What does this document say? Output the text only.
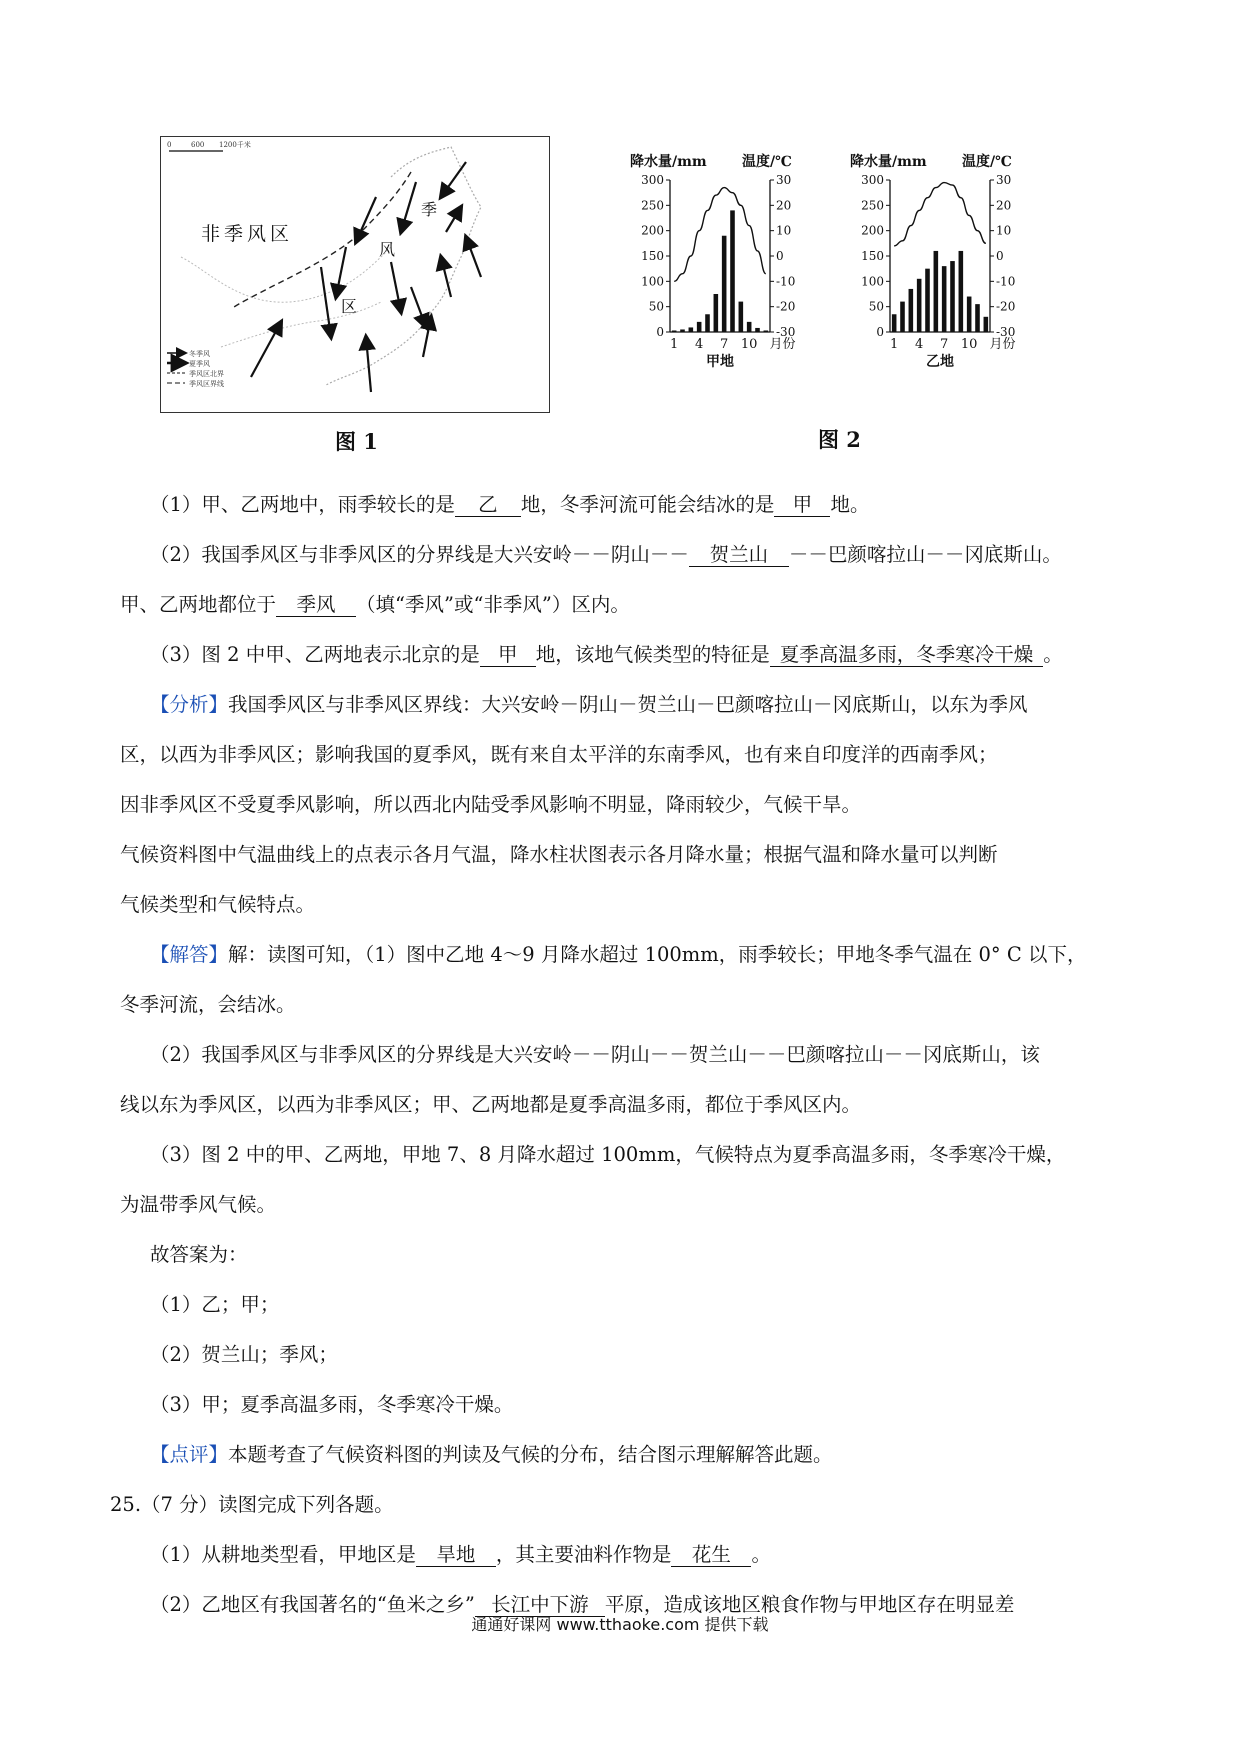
0	600 1200千米
非季风区
季
风
区
冬季风
夏季风
季风区北界
季风区界线
图 1
降水量/mm	温度/℃
0
50
100
150
200
250
300
-30
-20
-10
0
10
20
30
1 4 7 10 月份
甲地
降水量/mm	温度/℃
0
50
100
150
200
250
300
-30
-20
-10
0
10
20
30
1 4 7 10 月份
乙地
图 2

（1）甲、乙两地中，雨季较长的是 乙 地，冬季河流可能会结冰的是 甲 地。

（2）我国季风区与非季风区的分界线是大兴安岭－－阴山－－ 贺兰山 －－巴颜喀拉山－－冈底斯山。

甲、乙两地都位于 季风 （填“季风”或“非季风”）区内。

（3）图 2 中甲、乙两地表示北京的是 甲 地，该地气候类型的特征是 夏季高温多雨，冬季寒冷干燥 。

【分析】我国季风区与非季风区界线：大兴安岭－阴山－贺兰山－巴颜喀拉山－冈底斯山，以东为季风

区，以西为非季风区；影响我国的夏季风，既有来自太平洋的东南季风，也有来自印度洋的西南季风；

因非季风区不受夏季风影响，所以西北内陆受季风影响不明显，降雨较少，气候干旱。

气候资料图中气温曲线上的点表示各月气温，降水柱状图表示各月降水量；根据气温和降水量可以判断

气候类型和气候特点。

【解答】解：读图可知，（1）图中乙地 4～9 月降水超过 100mm，雨季较长；甲地冬季气温在 0° C 以下，

冬季河流，会结冰。

（2）我国季风区与非季风区的分界线是大兴安岭－－阴山－－贺兰山－－巴颜喀拉山－－冈底斯山，该

线以东为季风区，以西为非季风区；甲、乙两地都是夏季高温多雨，都位于季风区内。

（3）图 2 中的甲、乙两地，甲地 7、8 月降水超过 100mm，气候特点为夏季高温多雨，冬季寒冷干燥，

为温带季风气候。

故答案为：

（1）乙；甲；

（2）贺兰山；季风；

（3）甲；夏季高温多雨，冬季寒冷干燥。

【点评】本题考查了气候资料图的判读及气候的分布，结合图示理解解答此题。

25.（7 分）读图完成下列各题。

（1）从耕地类型看，甲地区是 旱地 ，其主要油料作物是 花生 。

（2）乙地区有我国著名的“鱼米之乡” 长江中下游 平原，造成该地区粮食作物与甲地区存在明显差

通通好课网 www.tthaoke.com 提供下载
